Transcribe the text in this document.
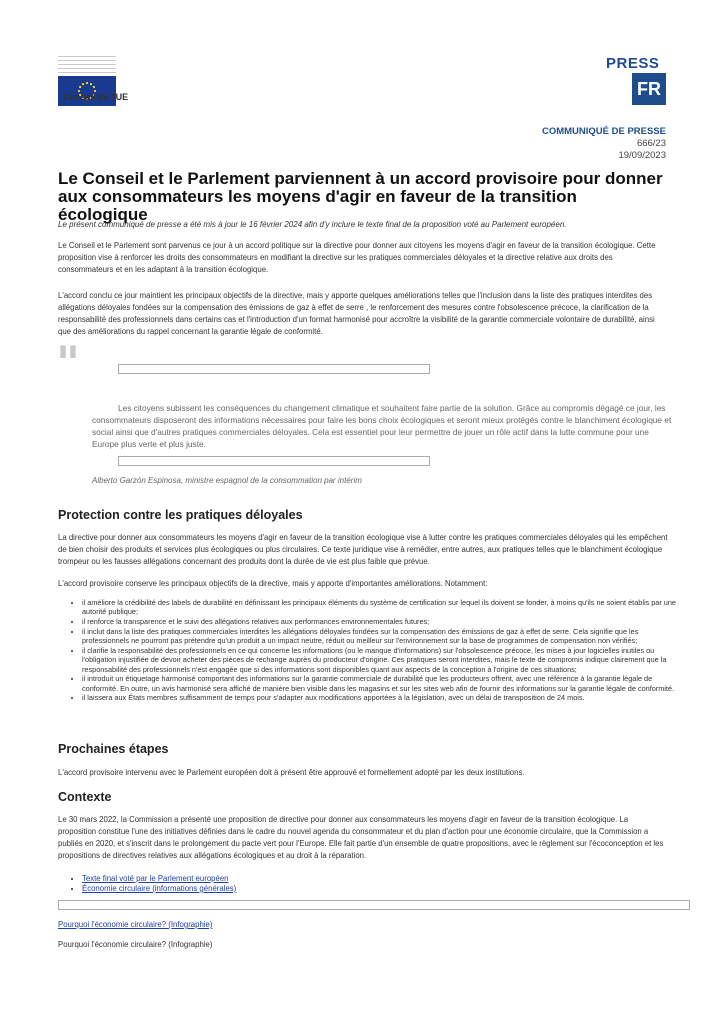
Conseil de l'UE
PRESS
FR
COMMUNIQUÉ DE PRESSE
666/23
19/09/2023
Le Conseil et le Parlement parviennent à un accord provisoire pour donner aux consommateurs les moyens d'agir en faveur de la transition écologique
Le présent communiqué de presse a été mis à jour le 16 février 2024 afin d'y inclure le texte final de la proposition voté au Parlement européen.

Le Conseil et le Parlement sont parvenus ce jour à un accord politique sur la directive pour donner aux citoyens les moyens d'agir en faveur de la transition écologique. Cette proposition vise à renforcer les droits des consommateurs en modifiant la directive sur les pratiques commerciales déloyales et la directive relative aux droits des consommateurs et en les adaptant à la transition écologique.

L'accord conclu ce jour maintient les principaux objectifs de la directive, mais y apporte quelques améliorations telles que l'inclusion dans la liste des pratiques interdites des allégations déloyales fondées sur la compensation des émissions de gaz à effet de serre , le renforcement des mesures contre l'obsolescence précoce, la clarification de la responsabilité des professionnels dans certains cas et l'introduction d'un format harmonisé pour accroître la visibilité de la garantie commerciale volontaire de durabilité, ainsi que des améliorations du rappel concernant la garantie légale de conformité.

"

Les citoyens subissent les conséquences du changement climatique et souhaitent faire partie de la solution. Grâce au compromis dégagé ce jour, les consommateurs disposeront des informations nécessaires pour faire les bons choix écologiques et seront mieux protégés contre le blanchiment écologique et social ainsi que d'autres pratiques commerciales déloyales. Cela est essentiel pour leur permettre de jouer un rôle actif dans la lutte commune pour une Europe plus verte et plus juste.

Alberto Garzón Espinosa, ministre espagnol de la consommation par intérim
Protection contre les pratiques déloyales

La directive pour donner aux consommateurs les moyens d'agir en faveur de la transition écologique vise à lutter contre les pratiques commerciales déloyales qui les empêchent de bien choisir des produits et services plus écologiques ou plus circulaires. Ce texte juridique vise à remédier, entre autres, aux pratiques telles que le blanchiment écologique trompeur ou les fausses allégations concernant des produits dont la durée de vie est plus faible que prévue.

L'accord provisoire conserve les principaux objectifs de la directive, mais y apporte d'importantes améliorations. Notamment:

• il améliore la crédibilité des labels de durabilité en définissant les principaux éléments du système de certification sur lequel ils doivent se fonder, à moins qu'ils ne soient établis par une autorité publique;
• il renforce la transparence et le suivi des allégations relatives aux performances environnementales futures;
• il inclut dans la liste des pratiques commerciales interdites les allégations déloyales fondées sur la compensation des émissions de gaz à effet de serre. Cela signifie que les professionnels ne pourront pas prétendre qu'un produit a un impact neutre, réduit ou meilleur sur l'environnement sur la base de programmes de compensation non vérifiés;
• il clarifie la responsabilité des professionnels en ce qui concerne les informations (ou le manque d'informations) sur l'obsolescence précoce, les mises à jour logicielles inutiles ou l'obligation injustifiée de devoir acheter des pièces de rechange auprès du producteur d'origine. Ces pratiques seront interdites, mais le texte de compromis indique clairement que la responsabilité des professionnels n'est engagée que si des informations sont disponibles quant aux aspects de la conception à l'origine de ces situations;
• il introduit un étiquetage harmonisé comportant des informations sur la garantie commerciale de durabilité que les producteurs offrent, avec une référence à la garantie légale de conformité. En outre, un avis harmonisé sera affiché de manière bien visible dans les magasins et sur les sites web afin de fournir des informations sur la garantie légale de conformité.
• il laissera aux États membres suffisamment de temps pour s'adapter aux modifications apportées à la législation, avec un délai de transposition de 24 mois.
Prochaines étapes

L'accord provisoire intervenu avec le Parlement européen doit à présent être approuvé et formellement adopté par les deux institutions.

Contexte

Le 30 mars 2022, la Commission a présenté une proposition de directive pour donner aux consommateurs les moyens d'agir en faveur de la transition écologique. La proposition constitue l'une des initiatives définies dans le cadre du nouvel agenda du consommateur et du plan d'action pour une économie circulaire, que la Commission a publiés en 2020, et s'inscrit dans le prolongement du pacte vert pour l'Europe. Elle fait partie d'un ensemble de quatre propositions, avec le règlement sur l'écoconception et les propositions de directives relatives aux allégations écologiques et au droit à la réparation.

• Texte final voté par le Parlement européen
• Économie circulaire (informations générales)
Pourquoi l'économie circulaire? (Infographie)
Pourquoi l'économie circulaire? (Infographie)
